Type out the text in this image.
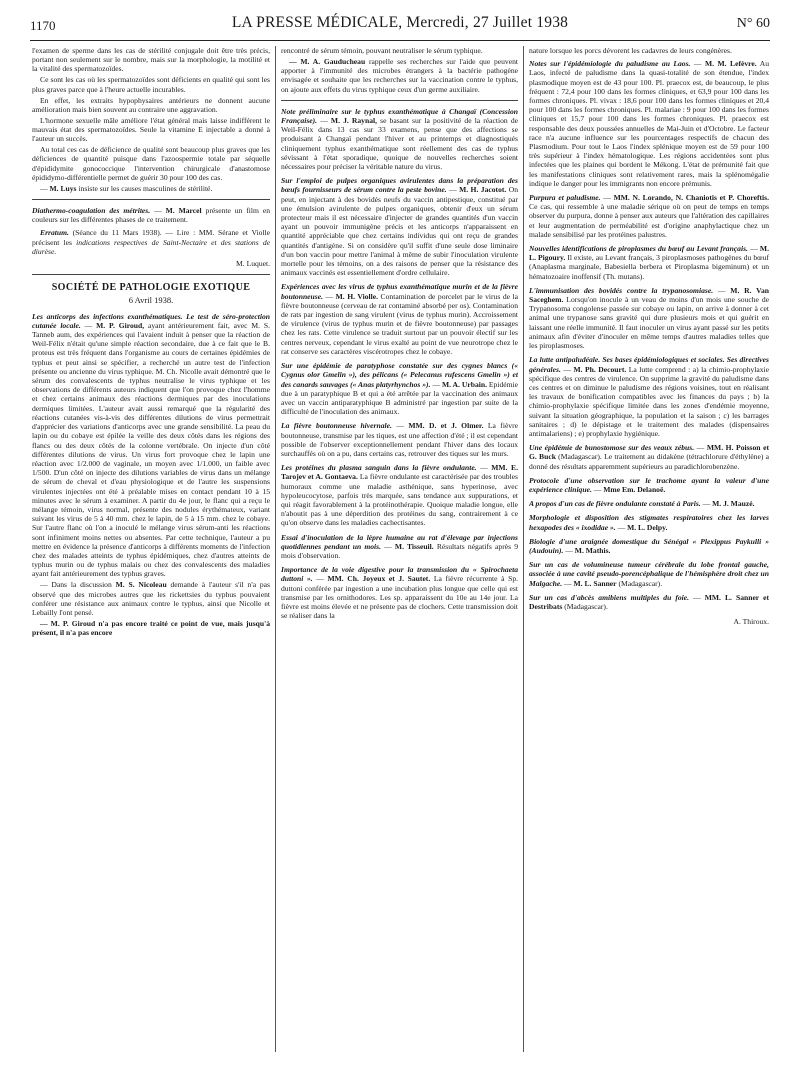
1170	LA PRESSE MÉDICALE, Mercredi, 27 Juillet 1938	N° 60

l'examen de sperme dans les cas de stérilité conjugale doit être très précis, portant non seulement sur le nombre, mais sur la morphologie, la motilité et la vitalité des spermatozoïdes.

Ce sont les cas où les spermatozoïdes sont déficients en qualité qui sont les plus graves parce que à l'heure actuelle incurables.

En effet, les extraits hypophysaires antérieurs ne donnent aucune amélioration mais bien souvent au contraire une aggravation.

L'hormone sexuelle mâle améliore l'état général mais laisse indifférent le mauvais état des spermatozoïdes. Seule la vitamine E injectable a donné à l'auteur un succès.

Au total ces cas de déficience de qualité sont beaucoup plus graves que les déficiences de quantité puisque dans l'azoospermie totale par séquelle d'épididymite gonococcique l'intervention chirurgicale d'anastomose épididymo-différentielle permet de guérir 30 pour 100 des cas.

— M. Luys insiste sur les causes masculines de stérilité.

Diathermo-coagulation des métrites. — M. Marcel présente un film en couleurs sur les différentes phases de ce traitement.

Erratum. (Séance du 11 Mars 1938). — Lire : MM. Sérane et Violle précisent les indications respectives de Saint-Nectaire et des stations de diurèse.

M. Luquet.

SOCIÉTÉ DE PATHOLOGIE EXOTIQUE
6 Avril 1938.

Les anticorps des infections exanthématiques. Le test de séro-protection cutanée locale. — M. P. Giroud, ayant antérieurement fait, avec M. S. Tanneb aum, des expériences qui l'avaient induit à penser que la réaction de Weil-Félix n'était qu'une simple réaction secondaire, due à ce fait que le B. proteus est très fréquent dans l'organisme au cours de certaines épidémies de typhus et peut ainsi se spécifier, a recherché un autre test de l'infection présente ou ancienne du virus typhique. M. Ch. Nicolle avait démontré que le sérum des convalescents de typhus neutralise le virus typhique et les observations de différents auteurs indiquent que l'on provoque chez l'homme et chez certains animaux des réactions dermiques par des inoculations dermiques limitées. L'auteur avait aussi remarqué que la régularité des réactions cutanées vis-à-vis des différentes dilutions de virus permettrait d'apprécier des variations d'anticorps avec une grande sensibilité. La peau du lapin ou du cobaye est épilée la veille des deux côtés dans les régions des flancs ou des deux côtés de la colonne vertébrale. On injecte d'un côté différentes dilutions de virus. Un virus fort provoque chez le lapin une réaction avec 1/2.000 de vaginale, un moyen avec 1/1.000, un faible avec 1/500. D'un côté on injecte des dilutions variables de virus dans un mélange de sérum de cheval et d'eau physiologique et de l'autre les suspensions virulentes injectées ont été à préalable mises en contact pendant 10 à 15 minutes avec le sérum à examiner. A partir du 4e jour, le flanc qui a reçu le mélange témoin, virus normal, présente des nodules érythémateux, variant suivant les virus de 5 à 40 mm. chez le lapin, de 5 à 15 mm. chez le cobaye. Sur l'autre flanc où l'on a inoculé le mélange virus sérum-anti les réactions sont infiniment moins nettes ou absentes. Par cette technique, l'auteur a pu mettre en évidence la présence d'anticorps à différents moments de l'infection chez des malades atteints de typhus épidémiques, chez d'autres atteints de typhus murin ou de typhus malais ou chez des convalescents des maladies ayant fait antérieurement des typhus graves.

— Dans la discussion M. S. Nicoleau demande à l'auteur s'il n'a pas observé que des microbes autres que les rickettsies du typhus pouvaient conférer une résistance aux animaux contre le typhus, ainsi que Nicolle et Lebailly l'ont pensé.

— M. P. Giroud n'a pas encore traité ce point de vue, mais jusqu'à présent, il n'a pas encore

rencontré de sérum témoin, pouvant neutraliser le sérum typhique.

— M. A. Gauducheau rappelle ses recherches sur l'aide que peuvent apporter à l'immunité des microbes étrangers à la bactérie pathogène envisagée et souhaite que les recherches sur la vaccination contre le typhus, on ajoute aux effets du virus typhique ceux d'un germe auxiliaire.

Note préliminaire sur le typhus exanthématique à Changaï (Concession Française). — M. J. Raynal, se basant sur la positivité de la réaction de Weil-Félix dans 13 cas sur 33 examens, pense que des affections se produisant à Changaï pendant l'hiver et au printemps et diagnostiqués cliniquement typhus exanthématique sont réellement des cas de typhus sévissant à l'état sporadique, quoique de nouvelles recherches soient nécessaires pour préciser la véritable nature du virus.

Sur l'emploi de pulpes organiques avirulentes dans la préparation des bœufs fournisseurs de sérum contre la peste bovine. — M. H. Jacotot. On peut, en injectant à des bovidés neufs du vaccin antipestique, constitué par une émulsion avirulente de pulpes organiques, obtenir d'eux un sérum protecteur mais il est nécessaire d'injecter de grandes quantités d'un vaccin ayant un pouvoir immunigène précis et les anticorps n'apparaissent en quantité appréciable que chez certains individus qui ont reçu de grandes quantités d'antigène. Si on considère qu'il suffit d'une seule dose liminaire d'un bon vaccin pour mettre l'animal à même de subir l'inoculation virulente mortelle pour les témoins, on a des raisons de penser que la résistance des animaux vaccinés est essentiellement d'ordre cellulaire.

Expériences avec les virus de typhus exanthématique murin et de la fièvre boutonneuse. — M. H. Violle. Contamination de porcelet par le virus de la fièvre boutonneuse (cerveau de rat contaminé absorbé per os). Contamination de rats par ingestion de sang virulent (virus de typhus murin). Accroissement de virulence (virus de typhus murin et de fièvre boutonneuse) par passages chez les rats. Cette virulence se traduit surtout par un pouvoir électif sur les centres nerveux, cependant le virus exalté au point de vue neurotrope chez le rat conserve ses caractères viscérotropes chez le cobaye.

Sur une épidémie de paratyphose constatée sur des cygnes blancs (« Cygnus olor Gmelin »), des pélicans (« Pelecanus rufescens Gmelin ») et des canards sauvages (« Anas platyrhynchos »). — M. A. Urbain. Epidémie due à un paratyphique B et qui a été arrêtée par la vaccination des animaux avec un vaccin antiparatyphique B administré par ingestion par suite de la difficulté de l'inoculation des animaux.

La fièvre boutonneuse hivernale. — MM. D. et J. Olmer. La fièvre boutonneuse, transmise par les tiques, est une affection d'été ; il est cependant possible de l'observer exceptionnellement pendant l'hiver dans des locaux surchauffés où on a pu, dans certains cas, retrouver des tiques sur les murs.

Les protéines du plasma sanguin dans la fièvre ondulante. — MM. E. Tarojev et A. Gontaeva. La fièvre ondulante est caractérisée par des troubles humoraux comme une maladie asthénique, sans hyperinose, avec hypoleucocytose, parfois très marquée, sans tendance aux suppurations, et qui réagit favorablement à la protéinothérapie. Quoique maladie longue, elle n'aboutit pas à une déperdition des protéines du sang, contrairement à ce qu'on observe dans les maladies cachectisantes.

Essai d'inoculation de la lèpre humaine au rat d'élevage par injections quotidiennes pendant un mois. — M. Tisseuil. Résultats négatifs après 9 mois d'observation.

Importance de la voie digestive pour la transmission du « Spirochaeta duttoni ». — MM. Ch. Joyeux et J. Sautet. La fièvre récurrente à Sp. duttoni conférée par ingestion a une incubation plus longue que celle qui est transmise par les ornithodores. Les sp. apparaissent du 10e au 14e jour. La fièvre est moins élevée et ne présente pas de clochers. Cette transmission doit se réaliser dans la

nature lorsque les porcs dévorent les cadavres de leurs congénères.

Notes sur l'épidémiologie du paludisme au Laos. — M. M. Lefèvre. Au Laos, infecté de paludisme dans la quasi-totalité de son étendue, l'index plasmodique moyen est de 43 pour 100. Pl. praecox est, de beaucoup, le plus fréquent : 72,4 pour 100 dans les formes cliniques, et 63,9 pour 100 dans les formes chroniques. Pl. vivax : 18,6 pour 100 dans les formes cliniques et 20,4 pour 100 dans les formes chroniques. Pl. malariae : 9 pour 100 dans les formes cliniques et 15,7 pour 100 dans les formes chroniques. Pl. praecox est responsable des deux poussées annuelles de Mai-Juin et d'Octobre. Le facteur race n'a aucune influence sur les pourcentages respectifs de chacun des Plasmodium. Pour tout le Laos l'index splénique moyen est de 59 pour 100 très supérieur à l'index hématologique. Les régions accidentées sont plus infectées que les plaines qui bordent le Mékong. L'état de prémunité fait que les manifestations cliniques sont relativement rares, mais la splénomégalie indique le danger pour les immigrants non encore prémunis.

Purpura et paludisme. — MM. N. Lorando, N. Chaniotis et P. Choreftis. Ce cas, qui ressemble à une maladie sérique où on peut de temps en temps observer du purpura, donne à penser aux auteurs que l'altération des capillaires et leur augmentation de perméabilité est d'origine anaphylactique chez un malade sensibilisé par les protéines palustres.

Nouvelles identifications de piroplasmes du bœuf au Levant français. — M. L. Pigoury. Il existe, au Levant français, 3 piroplasmoses pathogènes du bœuf (Anaplasma marginale, Babesiella berbera et Piroplasma bigeminum) et un hématozoaire inoffensif (Th. mutans).

L'immunisation des bovidés contre la trypanosomiase. — M. R. Van Saceghem. Lorsqu'on inocule à un veau de moins d'un mois une souche de Trypanosoma congolense passée sur cobaye ou lapin, on arrive à donner à cet animal une trypanose sans gravité qui dure plusieurs mois et qui guérit en laissant une réelle immunité. Il faut inoculer un virus ayant passé sur les petits animaux afin d'éviter d'inoculer en même temps d'autres maladies telles que les piroplasmoses.

La lutte antipaludéale. Ses bases épidémiologiques et sociales. Ses directives générales. — M. Ph. Decourt. La lutte comprend : a) la chimio-prophylaxie spécifique des centres de virulence. On supprime la gravité du paludisme dans ces centres et on diminue le paludisme des régions voisines, tout en réalisant les travaux de bonification compatibles avec les finances du pays ; b) la chimio-prophylaxie spécifique limitée dans les zones d'endémie moyenne, suivant la situation géographique, la population et la saison ; c) les barrages sanitaires ; d) le dépistage et le traitement des malades (dispensaires antimalariens) ; e) prophylaxie hygiénique.

Une épidémie de bunostomose sur des veaux zébus. — MM. H. Poisson et G. Buck (Madagascar). Le traitement au didakène (tétrachlorure d'éthylène) a donné des résultats apparemment supérieurs au paradichlorobenzène.

Protocole d'une observation sur le trachome ayant la valeur d'une expérience clinique. — Mme Em. Delanoë.

A propos d'un cas de fièvre ondulante constaté à Paris. — M. J. Mauzé.

Morphologie et disposition des stigmates respiratoires chez les larves hexapodes des « ixodidae ». — M. L. Delpy.

Biologie d'une araignée domestique du Sénégal « Plexippus Paykulli » (Audouin). — M. Mathis.

Sur un cas de volumineuse tumeur cérébrale du lobe frontal gauche, associée à une cavité pseudo-porencéphalique de l'hémisphère droit chez un Malgache. — M. L. Sanner (Madagascar).

Sur un cas d'abcès amibiens multiples du foie. — MM. L. Sanner et Destribats (Madagascar).

A. Thiroux.
